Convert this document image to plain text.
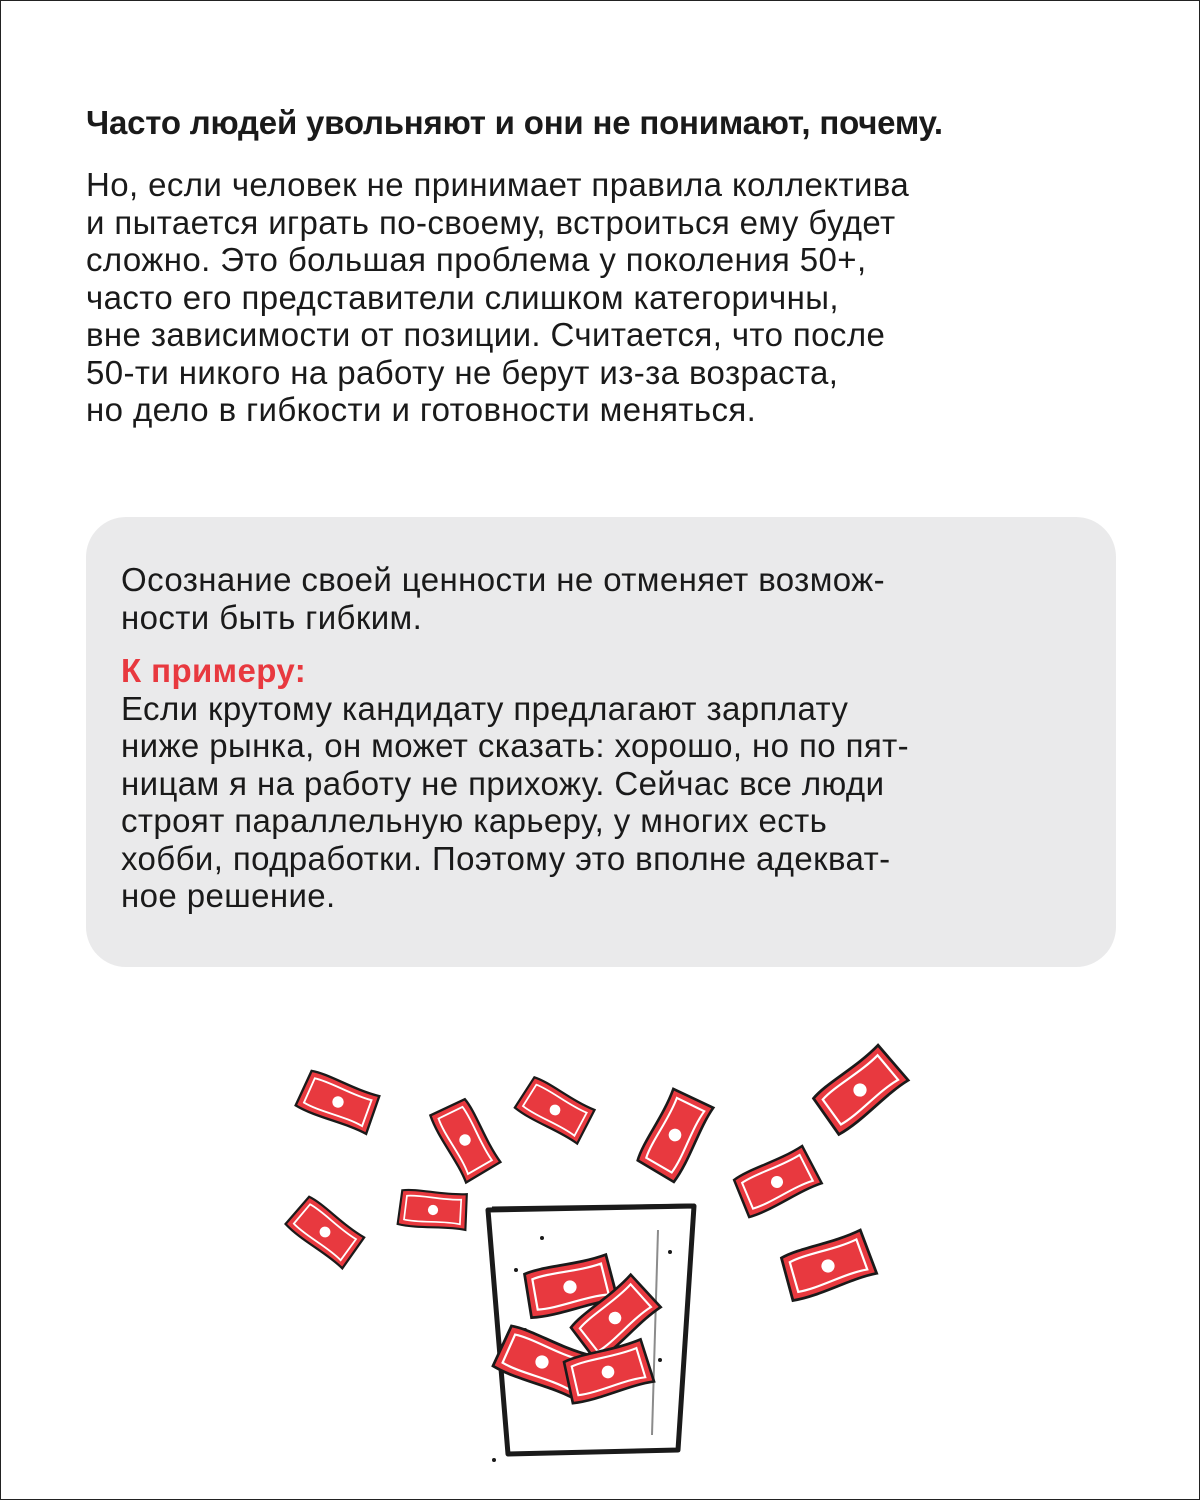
Часто людей увольняют и они не понимают, почему.
Но, если человек не принимает правила коллектива
и пытается играть по-своему, встроиться ему будет
сложно. Это большая проблема у поколения 50+,
часто его представители слишком категоричны,
вне зависимости от позиции. Считается, что после
50-ти никого на работу не берут из-за возраста,
но дело в гибкости и готовности меняться.
Осознание своей ценности не отменяет возмож-
ности быть гибким.
К примеру:
Если крутому кандидату предлагают зарплату
ниже рынка, он может сказать: хорошо, но по пят-
ницам я на работу не прихожу. Сейчас все люди
строят параллельную карьеру, у многих есть
хобби, подработки. Поэтому это вполне адекват-
ное решение.
